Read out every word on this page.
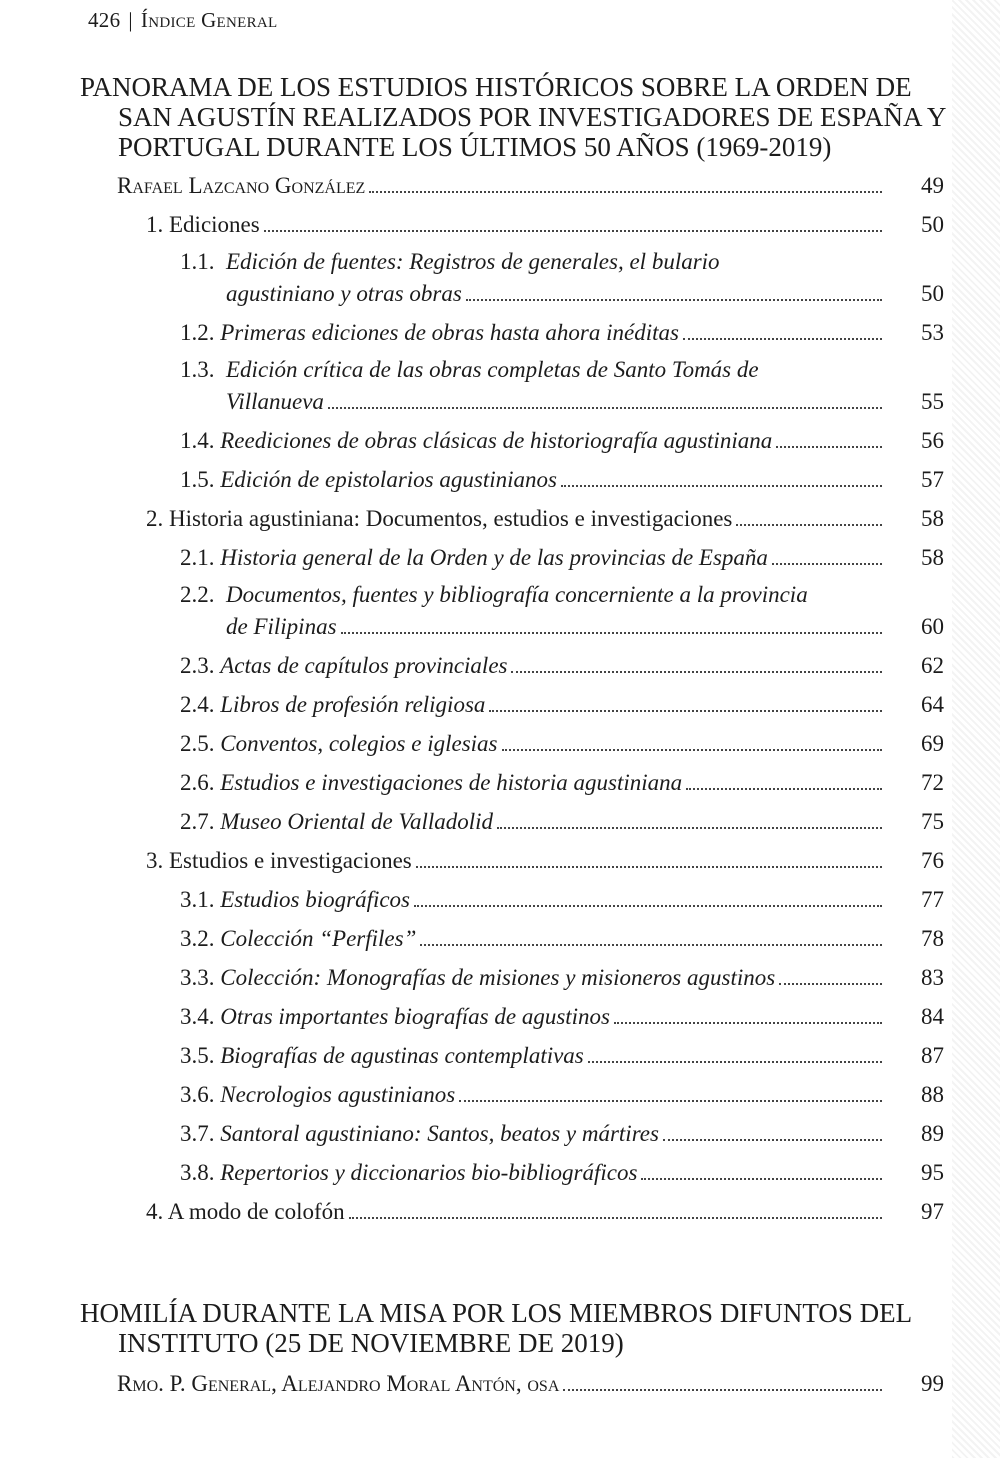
426 | Índice General
PANORAMA DE LOS ESTUDIOS HISTÓRICOS SOBRE LA ORDEN DE SAN AGUSTÍN REALIZADOS POR INVESTIGADORES DE ESPAÑA Y PORTUGAL DURANTE LOS ÚLTIMOS 50 AÑOS (1969-2019)
Rafael Lazcano González	49
1. Ediciones	50
1.1. Edición de fuentes: Registros de generales, el bulario
agustiniano y otras obras	50
1.2. Primeras ediciones de obras hasta ahora inéditas	53
1.3. Edición crítica de las obras completas de Santo Tomás de
Villanueva	55
1.4. Reediciones de obras clásicas de historiografía agustiniana	56
1.5. Edición de epistolarios agustinianos	57
2. Historia agustiniana: Documentos, estudios e investigaciones	58
2.1. Historia general de la Orden y de las provincias de España	58
2.2. Documentos, fuentes y bibliografía concerniente a la provincia
de Filipinas	60
2.3. Actas de capítulos provinciales	62
2.4. Libros de profesión religiosa	64
2.5. Conventos, colegios e iglesias	69
2.6. Estudios e investigaciones de historia agustiniana	72
2.7. Museo Oriental de Valladolid	75
3. Estudios e investigaciones	76
3.1. Estudios biográficos	77
3.2. Colección “Perfiles”	78
3.3. Colección: Monografías de misiones y misioneros agustinos	83
3.4. Otras importantes biografías de agustinos	84
3.5. Biografías de agustinas contemplativas	87
3.6. Necrologios agustinianos	88
3.7. Santoral agustiniano: Santos, beatos y mártires	89
3.8. Repertorios y diccionarios bio-bibliográficos	95
4. A modo de colofón	97
HOMILÍA DURANTE LA MISA POR LOS MIEMBROS DIFUNTOS DEL INSTITUTO (25 DE NOVIEMBRE DE 2019)
Rmo. P. General, Alejandro Moral Antón, osa	99
